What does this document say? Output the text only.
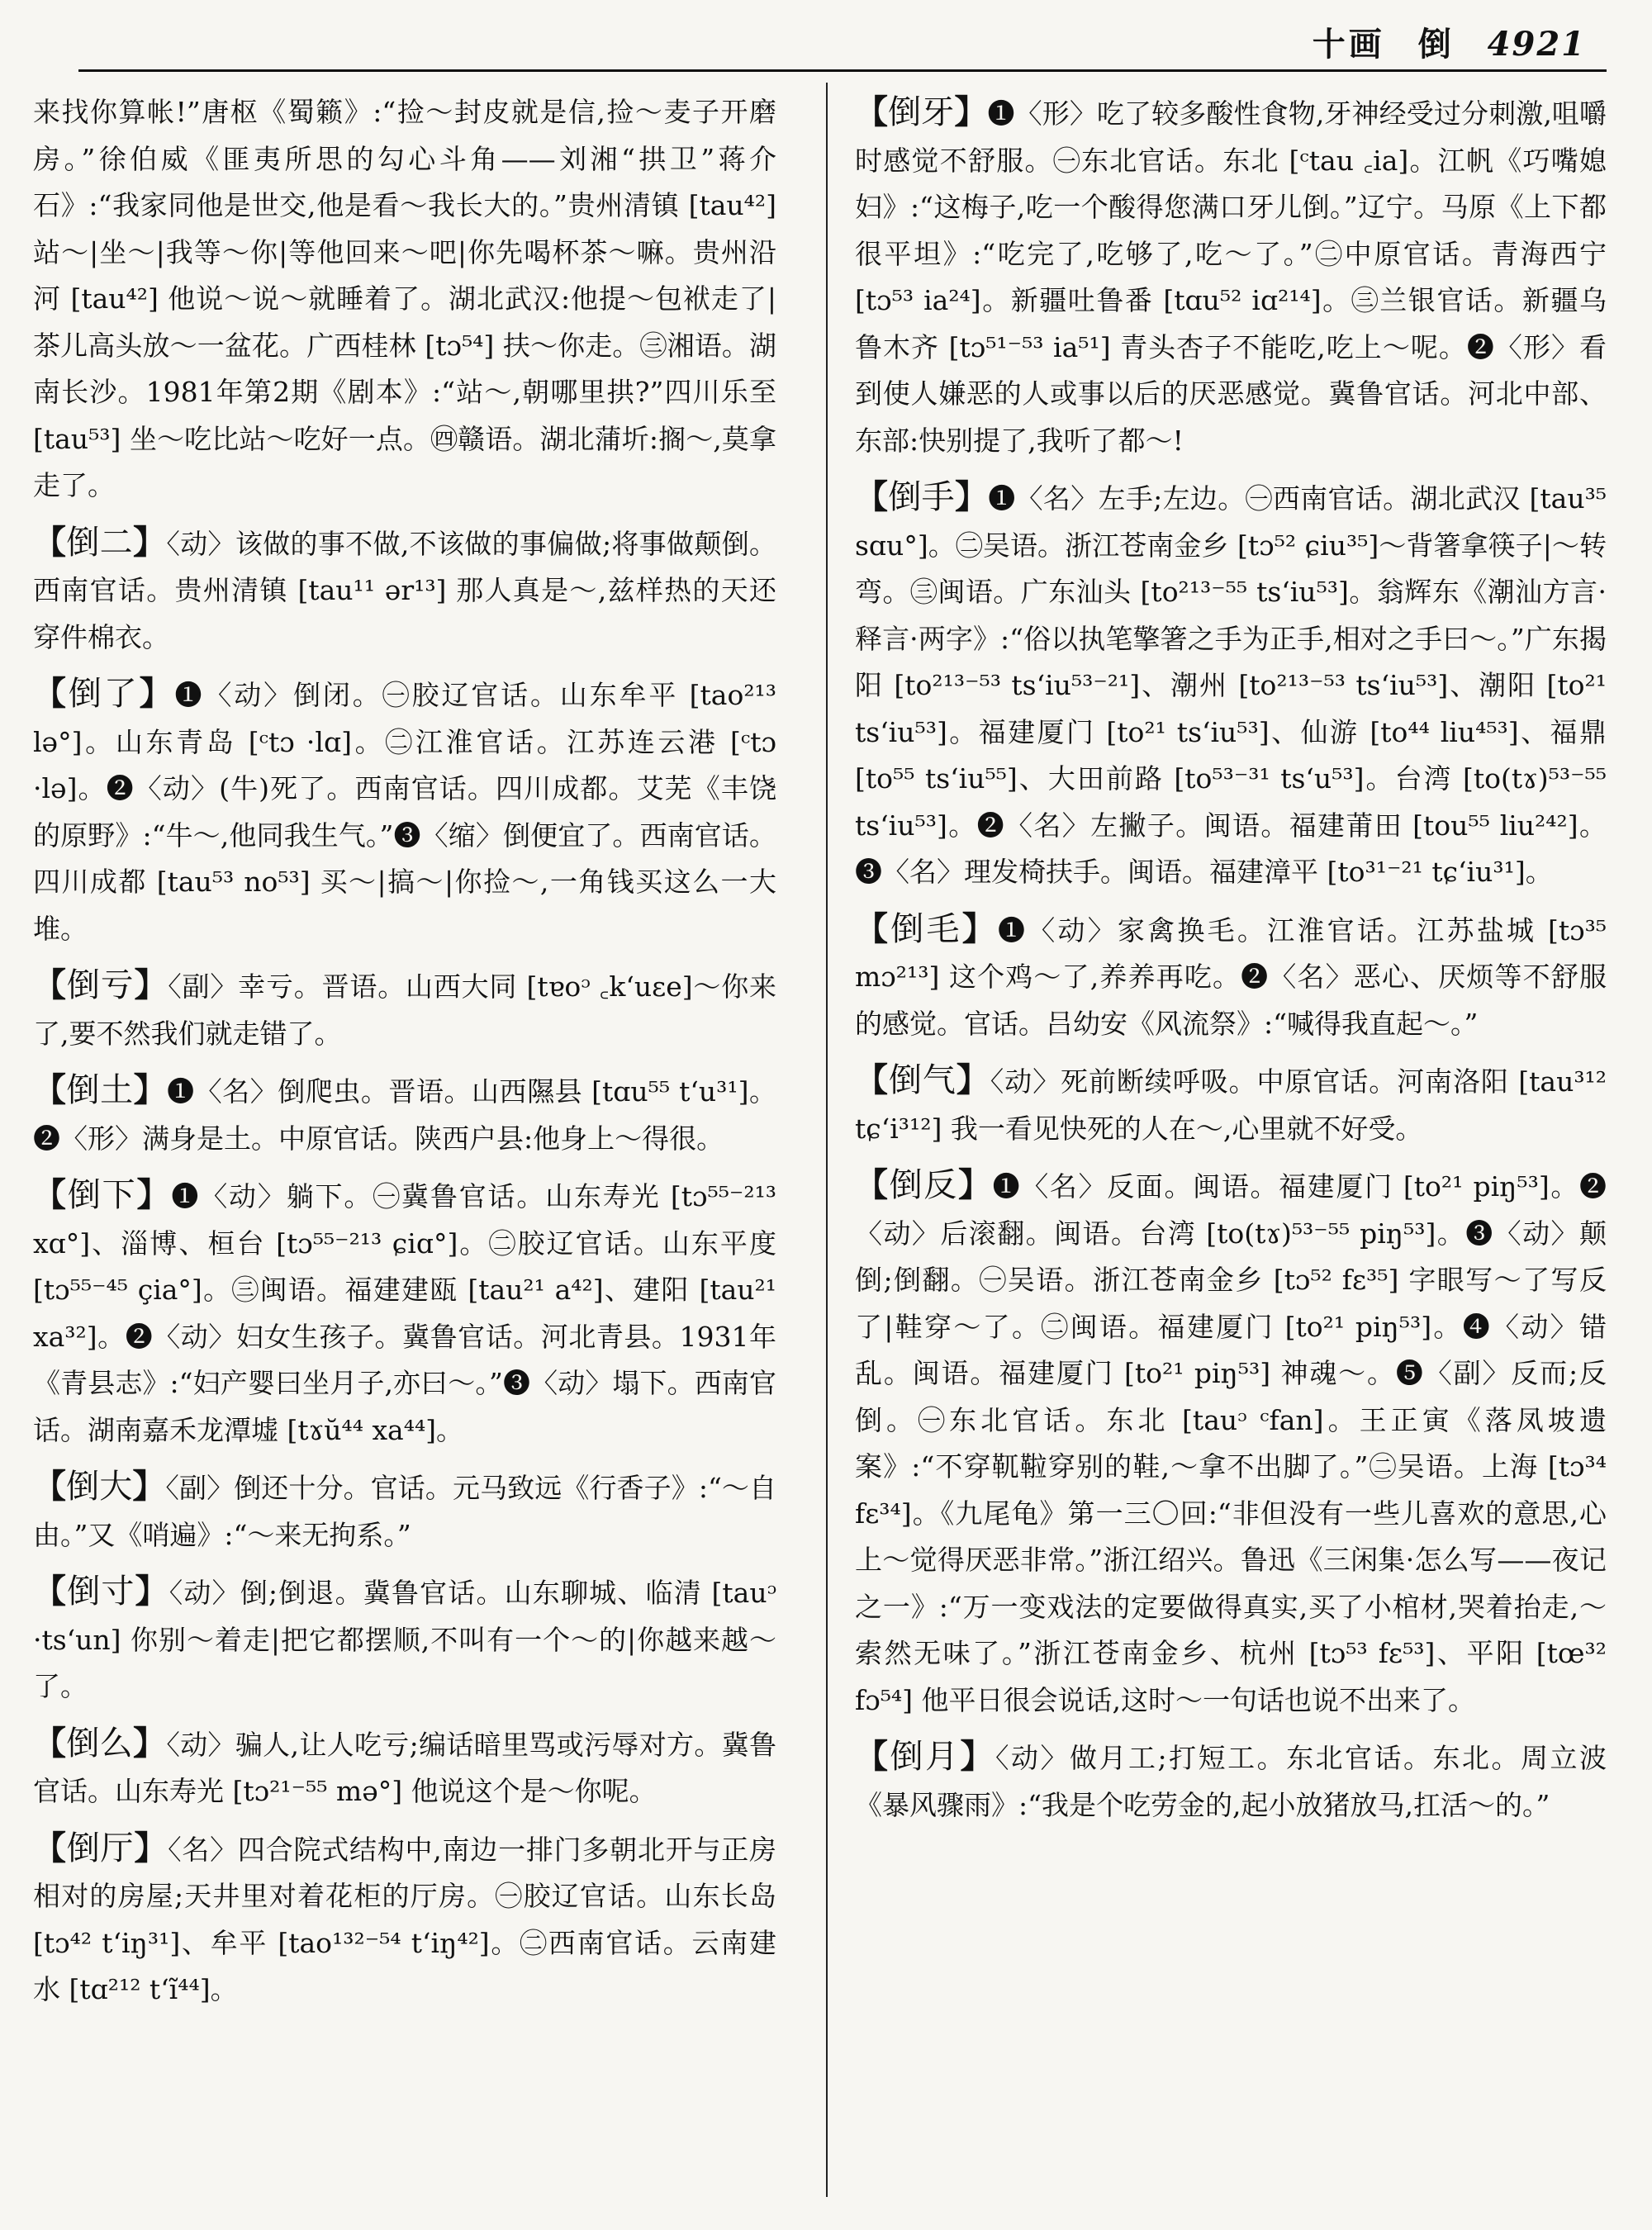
十画 倒 4921

来找你算帐!”唐枢《蜀籁》:“捡～封皮就是信,捡～麦子开磨房。”徐伯威《匪夷所思的勾心斗角——刘湘“拱卫”蒋介石》:“我家同他是世交,他是看～我长大的。”贵州清镇 [tau⁴²] 站～|坐～|我等～你|等他回来～吧|你先喝杯茶～嘛。贵州沿河 [tau⁴²] 他说～说～就睡着了。湖北武汉:他提～包袱走了|茶儿高头放～一盆花。广西桂林 [tɔ⁵⁴] 扶～你走。㊂湘语。湖南长沙。1981年第2期《剧本》:“站～,朝哪里拱?”四川乐至 [tau⁵³] 坐～吃比站～吃好一点。㊃赣语。湖北蒲圻:搁～,莫拿走了。

【倒二】〈动〉该做的事不做,不该做的事偏做;将事做颠倒。西南官话。贵州清镇 [tau¹¹ ər¹³] 那人真是～,兹样热的天还穿件棉衣。

【倒了】❶〈动〉倒闭。㊀胶辽官话。山东牟平 [tao²¹³ lə°]。山东青岛 [ᶜtɔ ·lɑ]。㊁江淮官话。江苏连云港 [ᶜtɔ ·lə]。❷〈动〉(牛)死了。西南官话。四川成都。艾芜《丰饶的原野》:“牛～,他同我生气。”❸〈缩〉倒便宜了。西南官话。四川成都 [tau⁵³ no⁵³] 买～|搞～|你捡～,一角钱买这么一大堆。

【倒亏】〈副〉幸亏。晋语。山西大同 [tɐoᵓ ꜀k‘uɛe]～你来了,要不然我们就走错了。

【倒土】❶〈名〉倒爬虫。晋语。山西隰县 [tɑu⁵⁵ t‘u³¹]。❷〈形〉满身是土。中原官话。陕西户县:他身上～得很。

【倒下】❶〈动〉躺下。㊀冀鲁官话。山东寿光 [tɔ⁵⁵⁻²¹³ xɑ°]、淄博、桓台 [tɔ⁵⁵⁻²¹³ ɕiɑ°]。㊁胶辽官话。山东平度 [tɔ⁵⁵⁻⁴⁵ çia°]。㊂闽语。福建建瓯 [tau²¹ a⁴²]、建阳 [tau²¹ xa³²]。❷〈动〉妇女生孩子。冀鲁官话。河北青县。1931年《青县志》:“妇产婴曰坐月子,亦曰～。”❸〈动〉塌下。西南官话。湖南嘉禾龙潭墟 [tɤŭ⁴⁴ xa⁴⁴]。

【倒大】〈副〉倒还十分。官话。元马致远《行香子》:“～自由。”又《哨遍》:“～来无拘系。”

【倒寸】〈动〉倒;倒退。冀鲁官话。山东聊城、临清 [tauᵓ ·ts‘un] 你别～着走|把它都摆顺,不叫有一个～的|你越来越～了。

【倒么】〈动〉骗人,让人吃亏;编话暗里骂或污辱对方。冀鲁官话。山东寿光 [tɔ²¹⁻⁵⁵ mə°] 他说这个是～你呢。

【倒厅】〈名〉四合院式结构中,南边一排门多朝北开与正房相对的房屋;天井里对着花柜的厅房。㊀胶辽官话。山东长岛 [tɔ⁴² t‘iŋ³¹]、牟平 [tao¹³²⁻⁵⁴ t‘iŋ⁴²]。㊁西南官话。云南建水 [tɑ²¹² t‘ĩ⁴⁴]。

【倒牙】❶〈形〉吃了较多酸性食物,牙神经受过分刺激,咀嚼时感觉不舒服。㊀东北官话。东北 [ᶜtau ꜀ia]。江帆《巧嘴媳妇》:“这梅子,吃一个酸得您满口牙儿倒。”辽宁。马原《上下都很平坦》:“吃完了,吃够了,吃～了。”㊁中原官话。青海西宁 [tɔ⁵³ ia²⁴]。新疆吐鲁番 [tɑu⁵² iɑ²¹⁴]。㊂兰银官话。新疆乌鲁木齐 [tɔ⁵¹⁻⁵³ ia⁵¹] 青头杏子不能吃,吃上～呢。❷〈形〉看到使人嫌恶的人或事以后的厌恶感觉。冀鲁官话。河北中部、东部:快别提了,我听了都～!

【倒手】❶〈名〉左手;左边。㊀西南官话。湖北武汉 [tau³⁵ sɑu°]。㊁吴语。浙江苍南金乡 [tɔ⁵² ɕiu³⁵]～背箸拿筷子|～转弯。㊂闽语。广东汕头 [to²¹³⁻⁵⁵ ts‘iu⁵³]。翁辉东《潮汕方言·释言·两字》:“俗以执笔擎箸之手为正手,相对之手曰～。”广东揭阳 [to²¹³⁻⁵³ ts‘iu⁵³⁻²¹]、潮州 [to²¹³⁻⁵³ ts‘iu⁵³]、潮阳 [to²¹ ts‘iu⁵³]。福建厦门 [to²¹ ts‘iu⁵³]、仙游 [to⁴⁴ liu⁴⁵³]、福鼎 [to⁵⁵ ts‘iu⁵⁵]、大田前路 [to⁵³⁻³¹ ts‘u⁵³]。台湾 [to(tɤ)⁵³⁻⁵⁵ ts‘iu⁵³]。❷〈名〉左撇子。闽语。福建莆田 [tou⁵⁵ liu²⁴²]。❸〈名〉理发椅扶手。闽语。福建漳平 [to³¹⁻²¹ tɕ‘iu³¹]。

【倒毛】❶〈动〉家禽换毛。江淮官话。江苏盐城 [tɔ³⁵ mɔ²¹³] 这个鸡～了,养养再吃。❷〈名〉恶心、厌烦等不舒服的感觉。官话。吕幼安《风流祭》:“喊得我直起～。”

【倒气】〈动〉死前断续呼吸。中原官话。河南洛阳 [tau³¹² tɕ‘i³¹²] 我一看见快死的人在～,心里就不好受。

【倒反】❶〈名〉反面。闽语。福建厦门 [to²¹ piŋ⁵³]。❷〈动〉后滚翻。闽语。台湾 [to(tɤ)⁵³⁻⁵⁵ piŋ⁵³]。❸〈动〉颠倒;倒翻。㊀吴语。浙江苍南金乡 [tɔ⁵² fɛ³⁵] 字眼写～了写反了|鞋穿～了。㊁闽语。福建厦门 [to²¹ piŋ⁵³]。❹〈动〉错乱。闽语。福建厦门 [to²¹ piŋ⁵³] 神魂～。❺〈副〉反而;反倒。㊀东北官话。东北 [tauᵓ ᶜfan]。王正寅《落凤坡遗案》:“不穿靰鞡穿别的鞋,～拿不出脚了。”㊁吴语。上海 [tɔ³⁴ fɛ³⁴]。《九尾龟》第一三〇回:“非但没有一些儿喜欢的意思,心上～觉得厌恶非常。”浙江绍兴。鲁迅《三闲集·怎么写——夜记之一》:“万一变戏法的定要做得真实,买了小棺材,哭着抬走,～索然无味了。”浙江苍南金乡、杭州 [tɔ⁵³ fɛ⁵³]、平阳 [tœ³² fɔ⁵⁴] 他平日很会说话,这时～一句话也说不出来了。

【倒月】〈动〉做月工;打短工。东北官话。东北。周立波《暴风骤雨》:“我是个吃劳金的,起小放猪放马,扛活～的。”
